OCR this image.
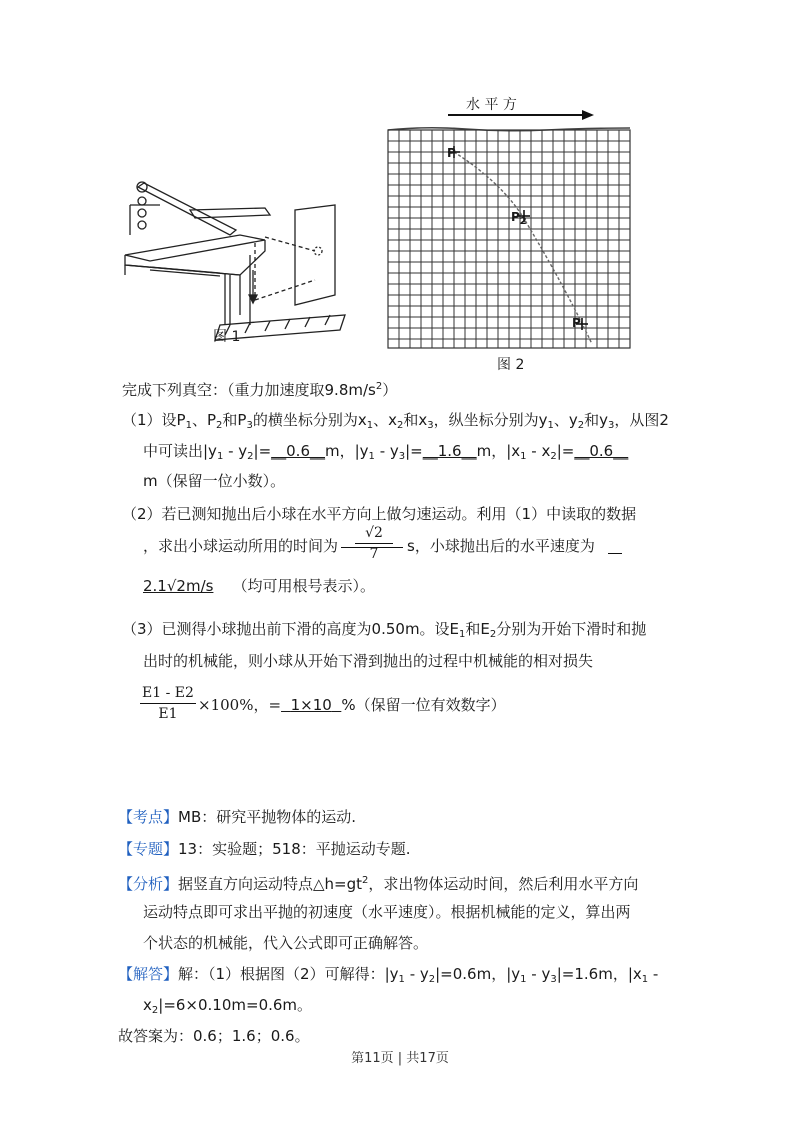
图 1
水 平 方
P
$P_2$
P
图 2
完成下列真空：（重力加速度取$9.8m/s^2$）
（1）设$P_1$、$P_2$和$P_3$的横坐标分别为$x_1$、$x_2$和$x_3$，纵坐标分别为$y_1$、$y_2$和$y_3$，从图2
中可读出$|y_1$ - $y_2|=\_\_0.6\_\_m$，$|y_1$ - $y_3|=\_\_1.6\_\_m$，$|x_1$ - $x_2|=\_\_0.6\_\_$
m（保留一位小数）。
（2）若已测知抛出后小球在水平方向上做匀速运动。利用（1）中读取的数据
，求出小球运动所用的时间为 $\frac{√2}{7}$ s，小球抛出后的水平速度为
2.1√2m/s （均可用根号表示）。
（3）已测得小球抛出前下滑的高度为0.50m。设$E_1$和$E_2$分别为开始下滑时和抛
出时的机械能，则小球从开始下滑到抛出的过程中机械能的相对损失
$\frac{E1 - E2}{E1} \times 100\%$，= 1×10 %（保留一位有效数字）
【考点】MB：研究平抛物体的运动.
【专题】13：实验题；518：平抛运动专题.
【分析】据竖直方向运动特点$\triangle h=gt^2$，求出物体运动时间，然后利用水平方向
运动特点即可求出平抛的初速度（水平速度）。根据机械能的定义，算出两
个状态的机械能，代入公式即可正确解答。
【解答】解：（1）根据图（2）可解得：$|y_1 - y_2|=0.6m$，$|y_1 - y_3|=1.6m$，$|x_1$ -
$x_2|=6\times 0.10m=0.6m$。
故答案为：0.6；1.6；0.6。
第11页 | 共17页
